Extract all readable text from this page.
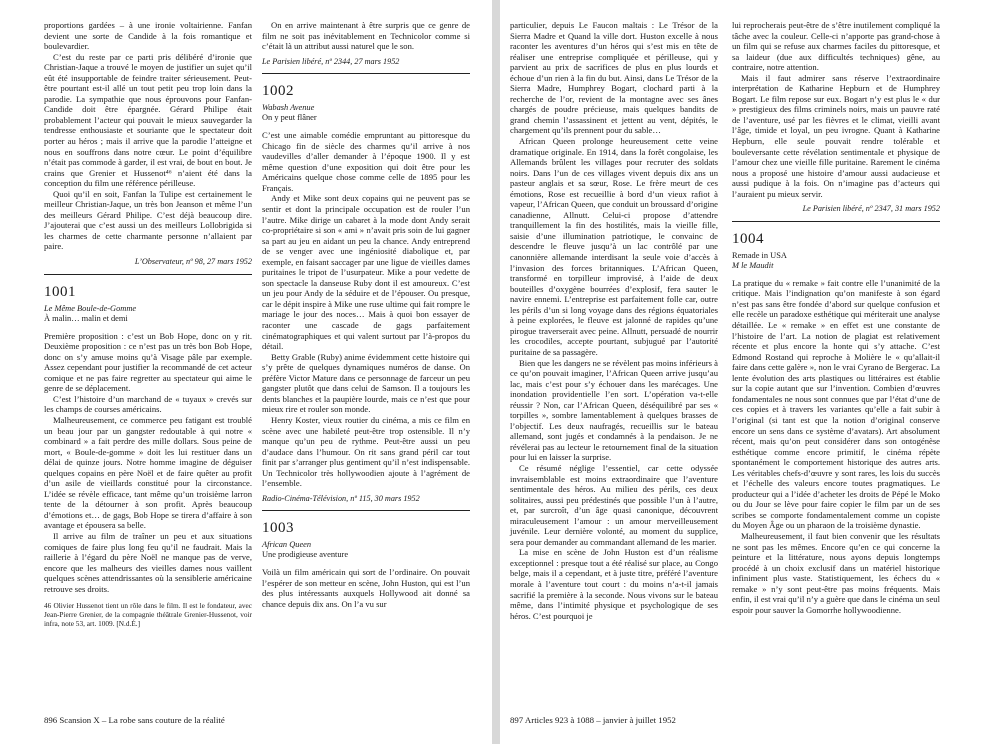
proportions gardées – à une ironie voltairienne. Fanfan devient une sorte de Candide à la fois romantique et boulevardier.

C’est du reste par ce parti pris délibéré d’ironie que Christian-Jaque a trouvé le moyen de justifier un sujet qu’il eût été insupportable de feindre traiter sérieusement. Peut-être pourtant est-il allé un tout petit peu trop loin dans la parodie. La sympathie que nous éprouvons pour Fanfan-Candide doit être épargnée. Gérard Philipe était probablement l’acteur qui pouvait le mieux sauvegarder la tendresse enthousiaste et souriante que le spectateur doit porter au héros ; mais il arrive que la parodie l’atteigne et nous en souffrons dans notre cœur. Le point d’équilibre n’était pas commode à garder, il est vrai, de bout en bout. Je crains que Grenier et Hussenot⁴⁶ n’aient été dans la conception du film une référence périlleuse.

Quoi qu’il en soit, Fanfan la Tulipe est certainement le meilleur Christian-Jaque, un très bon Jeanson et même l’un des meilleurs Gérard Philipe. C’est déjà beaucoup dire. J’ajouterai que c’est aussi un des meilleurs Lollobrigida si les charmes de cette charmante personne n’allaient par paire.

L’Observateur, nº 98, 27 mars 1952

1001
Le Même Boule-de-Gomme
À malin… malin et demi

Première proposition : c’est un Bob Hope, donc on y rit. Deuxième proposition : ce n’est pas un très bon Bob Hope, donc on s’y amuse moins qu’à Visage pâle par exemple. Assez cependant pour justifier la recommandé de cet acteur comique et ne pas faire regretter au spectateur qui aime le genre de se déplacement.

C’est l’histoire d’un marchand de « tuyaux » crevés sur les champs de courses américains.

Malheureusement, ce commerce peu fatigant est troublé un beau jour par un gangster redoutable à qui notre « combinard » a fait perdre des mille dollars. Sous peine de mort, « Boule-de-gomme » doit les lui restituer dans un délai de quinze jours. Notre homme imagine de déguiser quelques copains en père Noël et de faire quêter au profit d’un asile de vieillards constitué pour la circonstance. L’idée se révèle efficace, tant même qu’un troisième larron tente de la détourner à son profit. Après beaucoup d’émotions et… de gags, Bob Hope se tirera d’affaire à son avantage et épousera sa belle.

Il arrive au film de traîner un peu et aux situations comiques de faire plus long feu qu’il ne faudrait. Mais la raillerie à l’égard du père Noël ne manque pas de verve, encore que les malheurs des vieilles dames nous vaillent quelques scènes attendrissantes où la sensiblerie américaine retrouve ses droits.

46 Olivier Hussenot tient un rôle dans le film. Il est le fondateur, avec Jean-Pierre Grenier, de la compagnie théâtrale Grenier-Hussenot, voir infra, note 53, art. 1009. [N.d.É.]

On en arrive maintenant à être surpris que ce genre de film ne soit pas inévitablement en Technicolor comme si c’était là un attribut aussi naturel que le son.

Le Parisien libéré, nº 2344, 27 mars 1952

1002
Wabash Avenue
On y peut flâner

C’est une aimable comédie empruntant au pittoresque du Chicago fin de siècle des charmes qu’il arrive à nos vaudevilles d’aller demander à l’époque 1900. Il y est même question d’une exposition qui doit être pour les Américains quelque chose comme celle de 1895 pour les Français.

Andy et Mike sont deux copains qui ne peuvent pas se sentir et dont la principale occupation est de rouler l’un l’autre. Mike dirige un cabaret à la mode dont Andy serait co-propriétaire si son « ami » n’avait pris soin de lui gagner sa part au jeu en aidant un peu la chance. Andy entreprend de se venger avec une ingéniosité diabolique et, par exemple, en faisant saccager par une ligue de vieilles dames puritaines le tripot de l’usurpateur. Mike a pour vedette de son spectacle la danseuse Ruby dont il est amoureux. C’est un jeu pour Andy de la séduire et de l’épouser. Ou presque, car le dépit inspire à Mike une ruse ultime qui fait rompre le mariage le jour des noces… Mais à quoi bon essayer de raconter une cascade de gags parfaitement cinématographiques et qui valent surtout par l’à-propos du détail.

Betty Grable (Ruby) anime évidemment cette histoire qui s’y prête de quelques dynamiques numéros de danse. On préfère Victor Mature dans ce personnage de farceur un peu gangster plutôt que dans celui de Samson. Il a toujours les dents blanches et la paupière lourde, mais ce n’est que pour mieux rire et rouler son monde.

Henry Koster, vieux routier du cinéma, a mis ce film en scène avec une habileté peut-être trop ostensible. Il n’y manque qu’un peu de rythme. Peut-être aussi un peu d’audace dans l’humour. On rit sans grand péril car tout finit par s’arranger plus gentiment qu’il n’est indispensable. Un Technicolor très hollywoodien ajoute à l’agrément de l’ensemble.

Radio-Cinéma-Télévision, nº 115, 30 mars 1952

1003
African Queen
Une prodigieuse aventure

Voilà un film américain qui sort de l’ordinaire. On pouvait l’espérer de son metteur en scène, John Huston, qui est l’un des plus intéressants auxquels Hollywood ait donné sa chance depuis dix ans. On l’a vu sur

896 Scansion X – La robe sans couture de la réalité

particulier, depuis Le Faucon maltais : Le Trésor de la Sierra Madre et Quand la ville dort. Huston excelle à nous raconter les aventures d’un héros qui s’est mis en tête de réaliser une entreprise compliquée et périlleuse, qui y parvient au prix de sacrifices de plus en plus lourds et échoue d’un rien à la fin du but. Ainsi, dans Le Trésor de la Sierra Madre, Humphrey Bogart, clochard parti à la recherche de l’or, revient de la montagne avec ses ânes chargés de poudre précieuse, mais quelques bandits de grand chemin l’assassinent et jettent au vent, dépités, le chargement qu’ils prennent pour du sable…

African Queen prolonge heureusement cette veine dramatique originale. En 1914, dans la forêt congolaise, les Allemands brûlent les villages pour recruter des soldats noirs. Dans l’un de ces villages vivent depuis dix ans un pasteur anglais et sa sœur, Rose. Le frère meurt de ces émotions, Rose est recueillie à bord d’un vieux rafiot à vapeur, l’African Queen, que conduit un broussard d’origine canadienne, Allnutt. Celui-ci propose d’attendre tranquillement la fin des hostilités, mais la vieille fille, saisie d’une illumination patriotique, le convainc de descendre le fleuve jusqu’à un lac contrôlé par une canonnière allemande interdisant la seule voie d’accès à l’invasion des forces britanniques. L’African Queen, transformé en torpilleur improvisé, à l’aide de deux bouteilles d’oxygène bourrées d’explosif, fera sauter le navire ennemi. L’entreprise est parfaitement folle car, outre les périls d’un si long voyage dans des régions équatoriales à peine explorées, le fleuve est jalonné de rapides qu’une pirogue traverserait avec peine. Allnutt, persuadé de nourrir les crocodiles, accepte pourtant, subjugué par l’autorité puritaine de sa passagère.

Bien que les dangers ne se révèlent pas moins inférieurs à ce qu’on pouvait imaginer, l’African Queen arrive jusqu’au lac, mais c’est pour s’y échouer dans les marécages. Une inondation providentielle l’en sort. L’opération va-t-elle réussir ? Non, car l’African Queen, déséquilibré par ses « torpilles », sombre lamentablement à quelques brasses de l’objectif. Les deux naufragés, recueillis sur le bateau allemand, sont jugés et condamnés à la pendaison. Je ne révélerai pas au lecteur le retournement final de la situation pour lui en laisser la surprise.

Ce résumé néglige l’essentiel, car cette odyssée invraisemblable est moins extraordinaire que l’aventure sentimentale des héros. Au milieu des périls, ces deux solitaires, aussi peu prédestinés que possible l’un à l’autre, et, par surcroît, d’un âge quasi canonique, découvrent miraculeusement l’amour : un amour merveilleusement juvénile. Leur dernière volonté, au moment du supplice, sera pour demander au commandant allemand de les marier.

La mise en scène de John Huston est d’un réalisme exceptionnel : presque tout a été réalisé sur place, au Congo belge, mais il a cependant, et à juste titre, préféré l’aventure morale à l’aventure tout court : du moins n’a-t-il jamais sacrifié la première à la seconde. Nous vivons sur le bateau même, dans l’intimité physique et psychologique de ses héros. C’est pourquoi je

lui reprocherais peut-être de s’être inutilement compliqué la tâche avec la couleur. Celle-ci n’apporte pas grand-chose à un film qui se refuse aux charmes faciles du pittoresque, et sa laideur (due aux difficultés techniques) gêne, au contraire, notre attention.

Mais il faut admirer sans réserve l’extraordinaire interprétation de Katharine Hepburn et de Humphrey Bogart. Le film repose sur eux. Bogart n’y est plus le « dur » prestigieux des films criminels noirs, mais un pauvre raté de l’aventure, usé par les fièvres et le climat, vieilli avant l’âge, timide et loyal, un peu ivrogne. Quant à Katharine Hepburn, elle seule pouvait rendre tolérable et bouleversante cette révélation sentimentale et physique de l’amour chez une vieille fille puritaine. Rarement le cinéma nous a proposé une histoire d’amour aussi audacieuse et aussi pudique à la fois. On n’imagine pas d’acteurs qui l’auraient pu mieux servir.

Le Parisien libéré, nº 2347, 31 mars 1952

1004
Remade in USA
M le Maudit

La pratique du « remake » fait contre elle l’unanimité de la critique. Mais l’indignation qu’on manifeste à son égard n’est pas sans être fondée d’abord sur quelque confusion et elle recèle un paradoxe esthétique qui mériterait une analyse détaillée. Le « remake » en effet est une constante de l’histoire de l’art. La notion de plagiat est relativement récente et plus encore la honte qui s’y attache. C’est Edmond Rostand qui reproche à Molière le « qu’allait-il faire dans cette galère », non le vrai Cyrano de Bergerac. La lente évolution des arts plastiques ou littéraires est établie sur la copie autant que sur l’invention. Combien d’œuvres fondamentales ne nous sont connues que par l’état d’une de ces copies et à travers les variantes qu’elle a fait subir à l’original (si tant est que la notion d’original conserve encore un sens dans ce système d’avatars). Art absolument récent, mais qu’on peut considérer dans son ontogénèse esthétique comme encore primitif, le cinéma répète spontanément le comportement historique des autres arts. Les véritables chefs-d’œuvre y sont rares, les lois du succès et l’échelle des valeurs encore toutes pragmatiques. Le producteur qui a l’idée d’acheter les droits de Pépé le Moko ou du Jour se lève pour faire copier le film par un de ses scribes se comporte fondamentalement comme un copiste du Moyen Âge ou un pharaon de la troisième dynastie.

Malheureusement, il faut bien convenir que les résultats ne sont pas les mêmes. Encore qu’en ce qui concerne la peinture et la littérature, nous ayons depuis longtemps procédé à un choix exclusif dans un matériel historique infiniment plus vaste. Statistiquement, les échecs du « remake » n’y sont peut-être pas moins fréquents. Mais enfin, il est vrai qu’il n’y a guère que dans le cinéma un seul espoir pour sauver la Gomorrhe hollywoodienne.

897 Articles 923 à 1088 – janvier à juillet 1952
